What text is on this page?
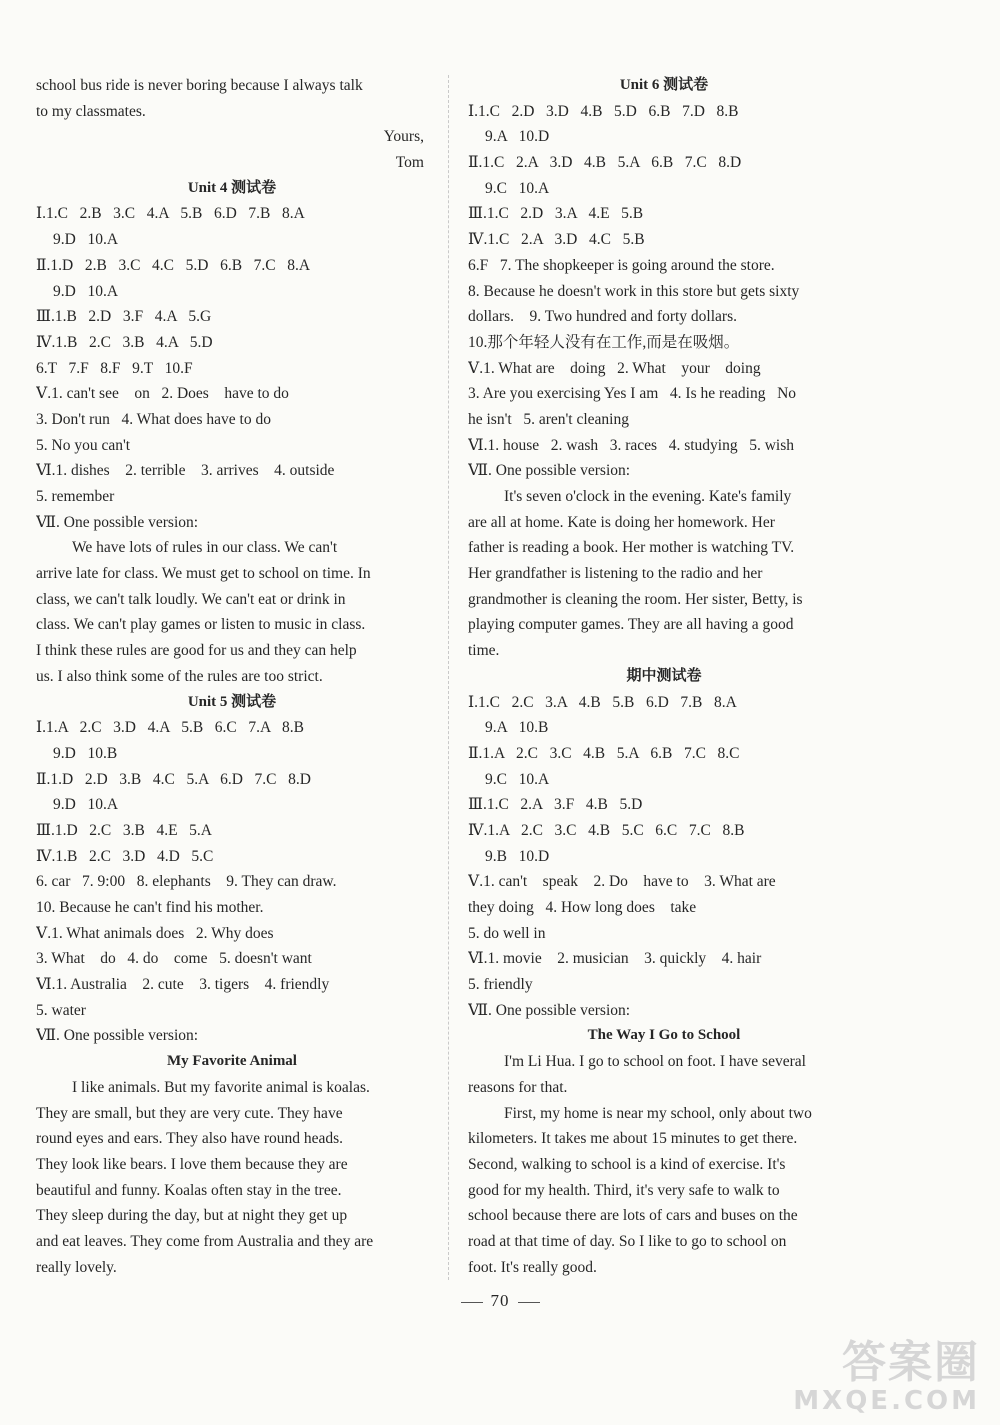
school bus ride is never boring because I always talk
to my classmates.
Yours,
Tom
Unit 4 测试卷
Ⅰ.1.C   2.B   3.C   4.A   5.B   6.D   7.B   8.A
9.D   10.A
Ⅱ.1.D   2.B   3.C   4.C   5.D   6.B   7.C   8.A
9.D   10.A
Ⅲ.1.B   2.D   3.F   4.A   5.G
Ⅳ.1.B   2.C   3.B   4.A   5.D
6.T   7.F   8.F   9.T   10.F
Ⅴ.1. can't see    on   2. Does    have to do
3. Don't run   4. What does have to do
5. No you can't
Ⅵ.1. dishes    2. terrible    3. arrives    4. outside
5. remember
Ⅶ. One possible version:
We have lots of rules in our class. We can't
arrive late for class. We must get to school on time. In
class, we can't talk loudly. We can't eat or drink in
class. We can't play games or listen to music in class.
I think these rules are good for us and they can help
us. I also think some of the rules are too strict.
Unit 5 测试卷
Ⅰ.1.A   2.C   3.D   4.A   5.B   6.C   7.A   8.B
9.D   10.B
Ⅱ.1.D   2.D   3.B   4.C   5.A   6.D   7.C   8.D
9.D   10.A
Ⅲ.1.D   2.C   3.B   4.E   5.A
Ⅳ.1.B   2.C   3.D   4.D   5.C
6. car   7. 9:00   8. elephants    9. They can draw.
10. Because he can't find his mother.
Ⅴ.1. What animals does   2. Why does
3. What    do   4. do    come   5. doesn't want
Ⅵ.1. Australia    2. cute    3. tigers    4. friendly
5. water
Ⅶ. One possible version:
My Favorite Animal
I like animals. But my favorite animal is koalas.
They are small, but they are very cute. They have
round eyes and ears. They also have round heads.
They look like bears. I love them because they are
beautiful and funny. Koalas often stay in the tree.
They sleep during the day, but at night they get up
and eat leaves. They come from Australia and they are
really lovely.
Unit 6 测试卷
Ⅰ.1.C   2.D   3.D   4.B   5.D   6.B   7.D   8.B
9.A   10.D
Ⅱ.1.C   2.A   3.D   4.B   5.A   6.B   7.C   8.D
9.C   10.A
Ⅲ.1.C   2.D   3.A   4.E   5.B
Ⅳ.1.C   2.A   3.D   4.C   5.B
6.F   7. The shopkeeper is going around the store.
8. Because he doesn't work in this store but gets sixty
dollars.    9. Two hundred and forty dollars.
10.那个年轻人没有在工作,而是在吸烟。
Ⅴ.1. What are    doing   2. What    your    doing
3. Are you exercising Yes I am   4. Is he reading   No
he isn't   5. aren't cleaning
Ⅵ.1. house   2. wash   3. races   4. studying   5. wish
Ⅶ. One possible version:
It's seven o'clock in the evening. Kate's family
are all at home. Kate is doing her homework. Her
father is reading a book. Her mother is watching TV.
Her grandfather is listening to the radio and her
grandmother is cleaning the room. Her sister, Betty, is
playing computer games. They are all having a good
time.
期中测试卷
Ⅰ.1.C   2.C   3.A   4.B   5.B   6.D   7.B   8.A
9.A   10.B
Ⅱ.1.A   2.C   3.C   4.B   5.A   6.B   7.C   8.C
9.C   10.A
Ⅲ.1.C   2.A   3.F   4.B   5.D
Ⅳ.1.A   2.C   3.C   4.B   5.C   6.C   7.C   8.B
9.B   10.D
Ⅴ.1. can't    speak    2. Do    have to    3. What are
they doing   4. How long does    take
5. do well in
Ⅵ.1. movie    2. musician    3. quickly    4. hair
5. friendly
Ⅶ. One possible version:
The Way I Go to School
I'm Li Hua. I go to school on foot. I have several
reasons for that.
First, my home is near my school, only about two
kilometers. It takes me about 15 minutes to get there.
Second, walking to school is a kind of exercise. It's
good for my health. Third, it's very safe to walk to
school because there are lots of cars and buses on the
road at that time of day. So I like to go to school on
foot. It's really good.
70
答案圈
MXQE.COM
